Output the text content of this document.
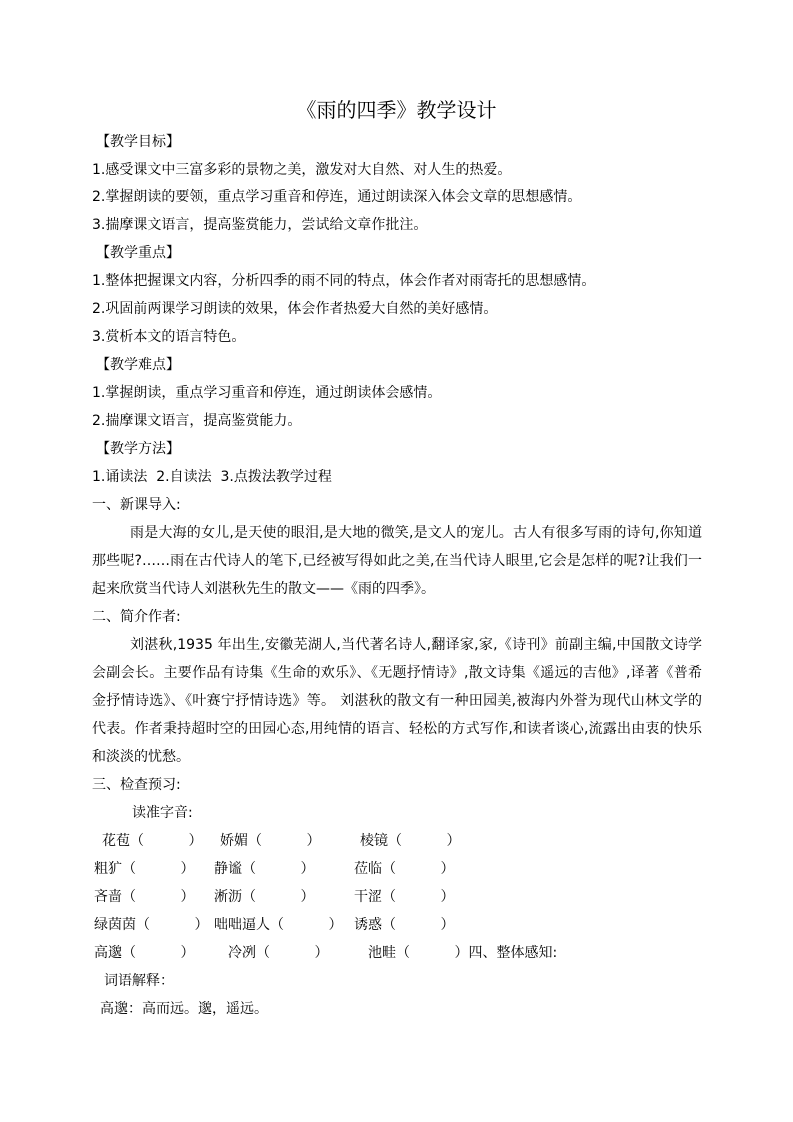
《雨的四季》教学设计
【教学目标】
1.感受课文中三富多彩的景物之美，激发对大自然、对人生的热爱。
2.掌握朗读的要领，重点学习重音和停连，通过朗读深入体会文章的思想感情。
3.揣摩课文语言，提高鉴赏能力，尝试给文章作批注。
【教学重点】
1.整体把握课文内容，分析四季的雨不同的特点，体会作者对雨寄托的思想感情。
2.巩固前两课学习朗读的效果，体会作者热爱大自然的美好感情。
3.赏析本文的语言特色。
【教学难点】
1.掌握朗读，重点学习重音和停连，通过朗读体会感情。
2.揣摩课文语言，提高鉴赏能力。
【教学方法】
1.诵读法  2.自读法  3.点拨法教学过程
一、新课导入:
雨是大海的女儿,是天使的眼泪,是大地的微笑,是文人的宠儿。古人有很多写雨的诗句,你知道那些呢?……雨在古代诗人的笔下,已经被写得如此之美,在当代诗人眼里,它会是怎样的呢?让我们一起来欣赏当代诗人刘湛秋先生的散文——《雨的四季》。
二、简介作者:
刘湛秋,1935 年出生,安徽芜湖人,当代著名诗人,翻译家,家,《诗刊》前副主编,中国散文诗学会副会长。主要作品有诗集《生命的欢乐》、《无题抒情诗》,散文诗集《遥远的吉他》,译著《普希金抒情诗选》、《叶赛宁抒情诗选》等。 刘湛秋的散文有一种田园美,被海内外誉为现代山林文学的代表。作者秉持超时空的田园心态,用纯情的语言、轻松的方式写作,和读者谈心,流露出由衷的快乐和淡淡的忧愁。
三、检查预习:
读准字音:
花苞（          ） 娇媚（          ）	棱镜（          ）
粗犷（          ） 静谧（          ）	莅临（          ）
吝啬（          ） 淅沥（          ）	干涩（          ）
绿茵茵（          ） 咄咄逼人（          ） 诱惑（          ）
高邈（          ） 冷冽（          ）	池畦（          ）四、整体感知:
词语解释：
高邈：高而远。邈，遥远。
